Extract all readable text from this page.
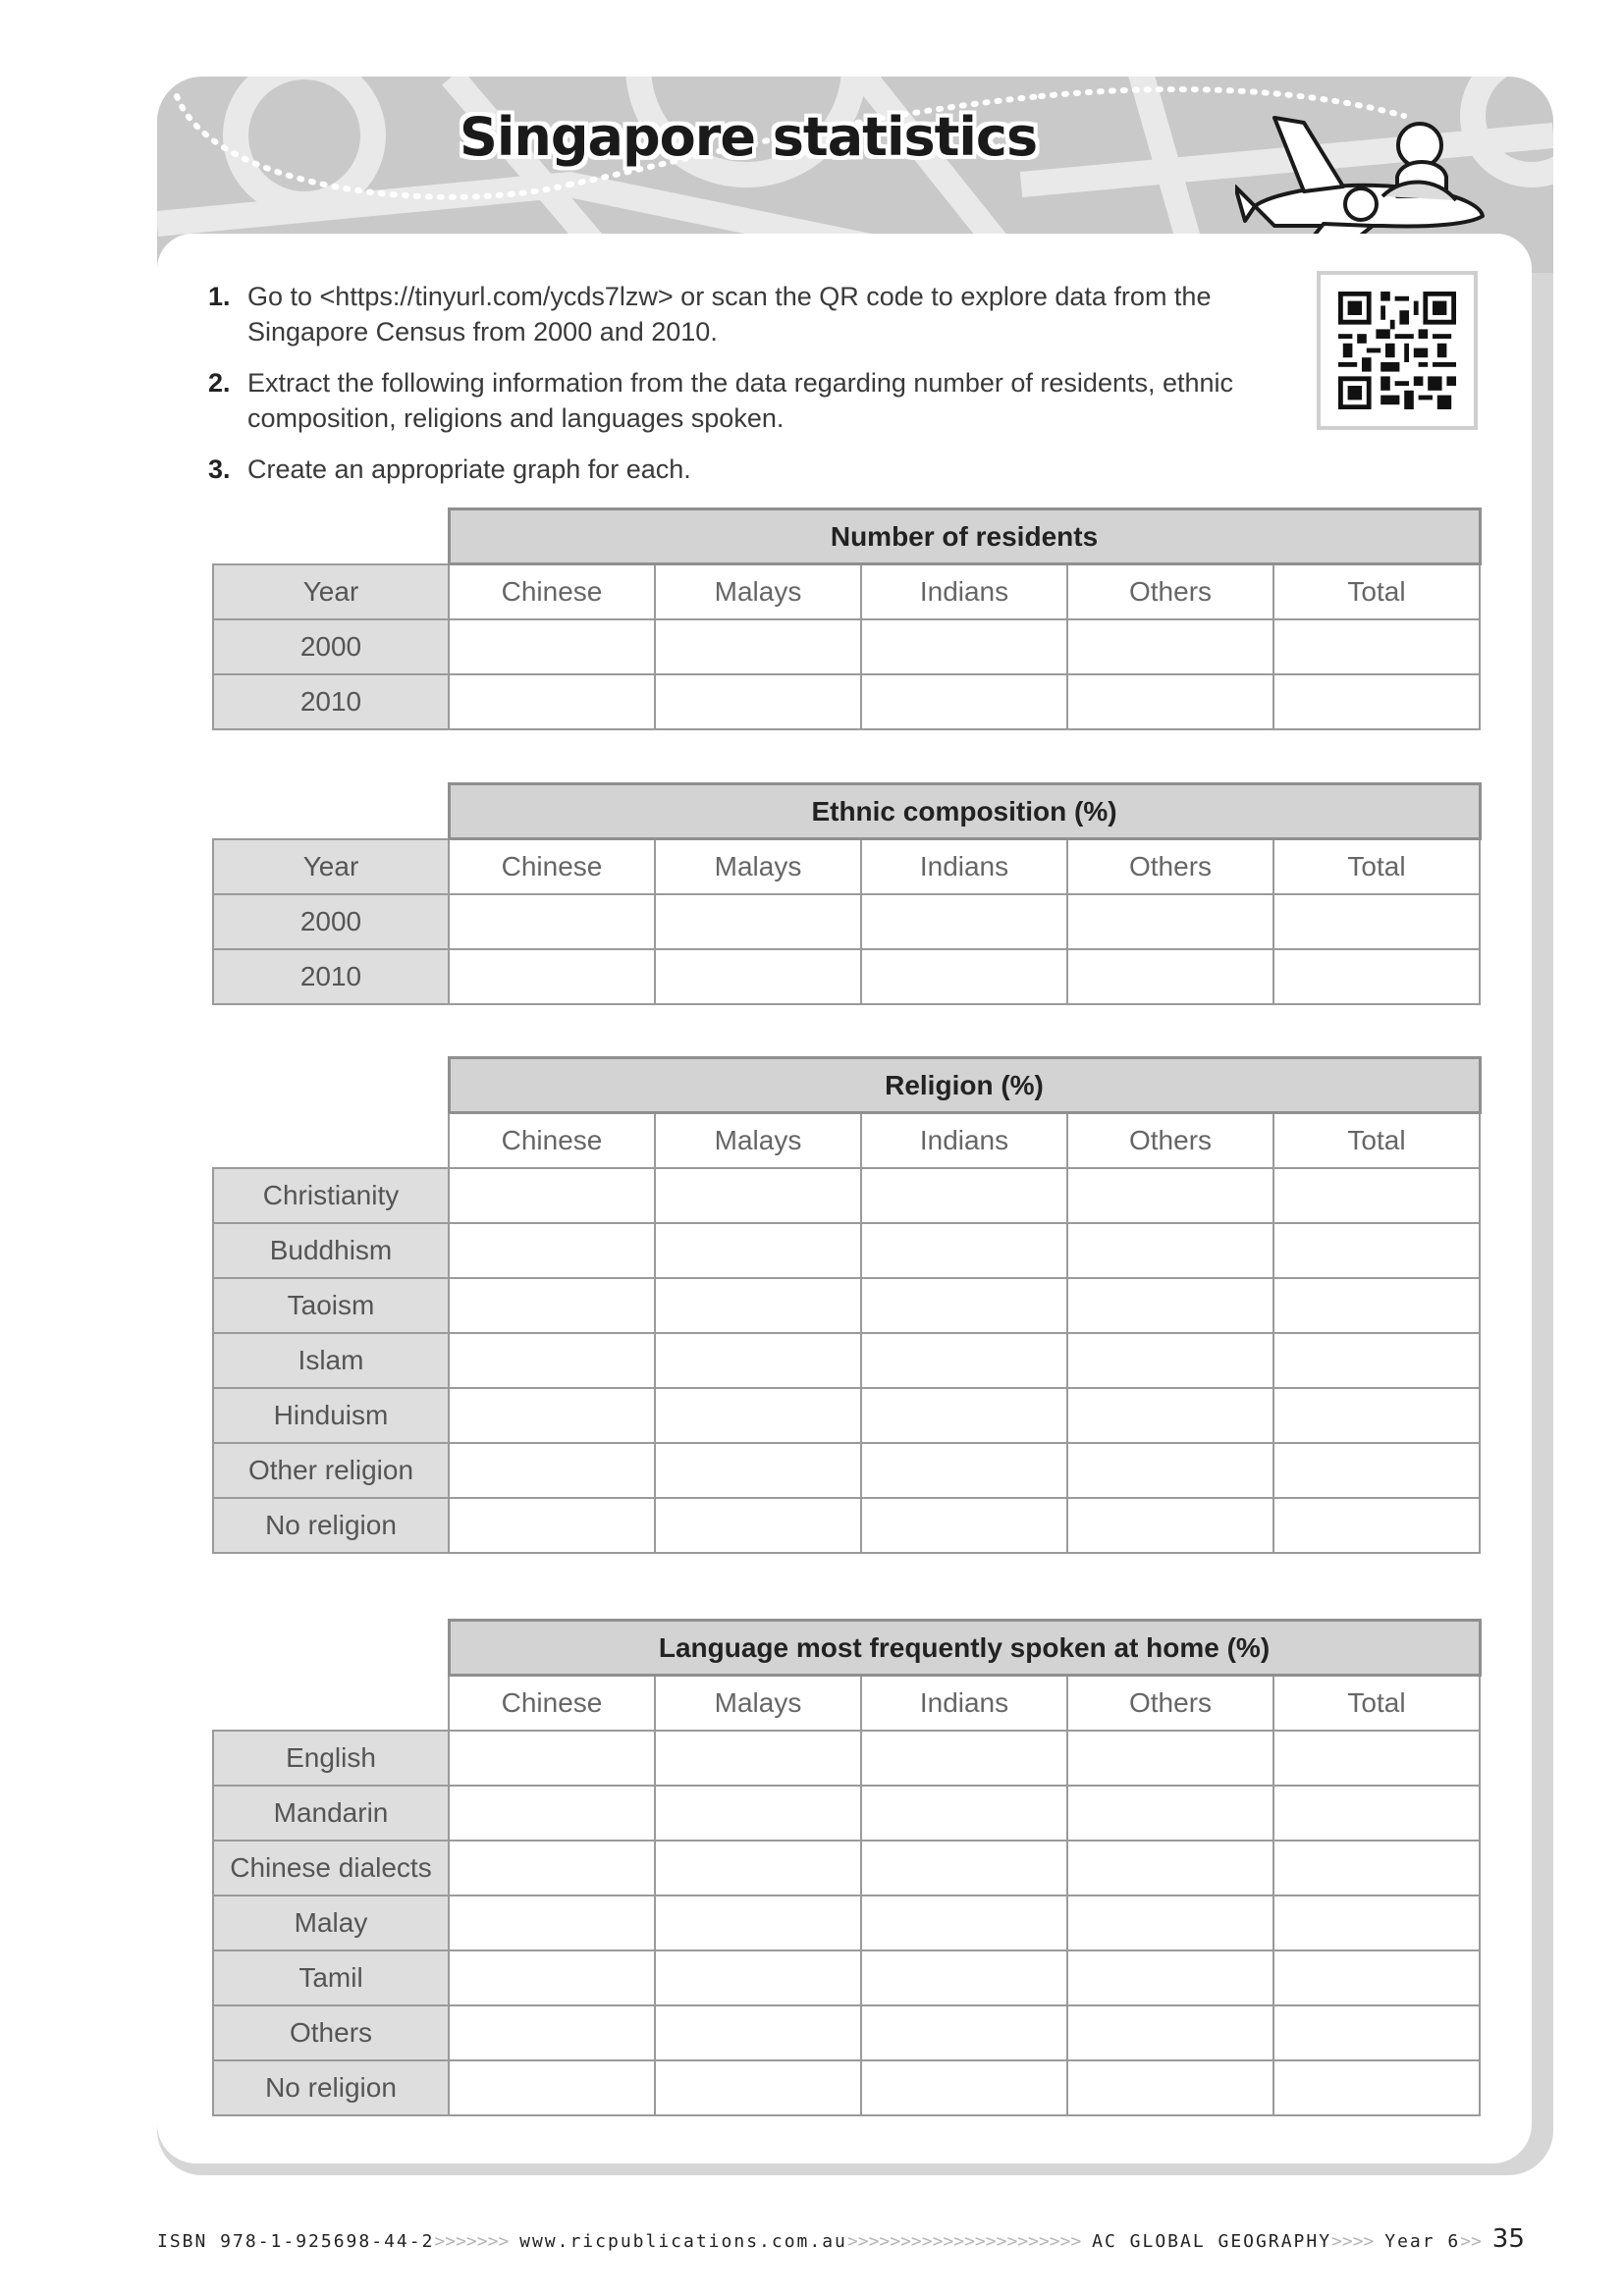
Singapore statistics
1. Go to <https://tinyurl.com/ycds7lzw> or scan the QR code to explore data from the Singapore Census from 2000 and 2010.
2. Extract the following information from the data regarding number of residents, ethnic composition, religions and languages spoken.
3. Create an appropriate graph for each.
	Number of residents				
Year	Chinese	Malays	Indians	Others	Total
2000					
2010					
	Ethnic composition (%)				
Year	Chinese	Malays	Indians	Others	Total
2000					
2010					
	Religion (%)				
	Chinese	Malays	Indians	Others	Total
Christianity					
Buddhism					
Taoism					
Islam					
Hinduism					
Other religion					
No religion					
	Language most frequently spoken at home (%)				
	Chinese	Malays	Indians	Others	Total
English					
Mandarin					
Chinese dialects					
Malay					
Tamil					
Others					
No religion					
ISBN 978-1-925698-44-2>>>>>>> www.ricpublications.com.au>>>>>>>>>>>>>>>>>>>>>> AC GLOBAL GEOGRAPHY>>>> Year 6>> 35
